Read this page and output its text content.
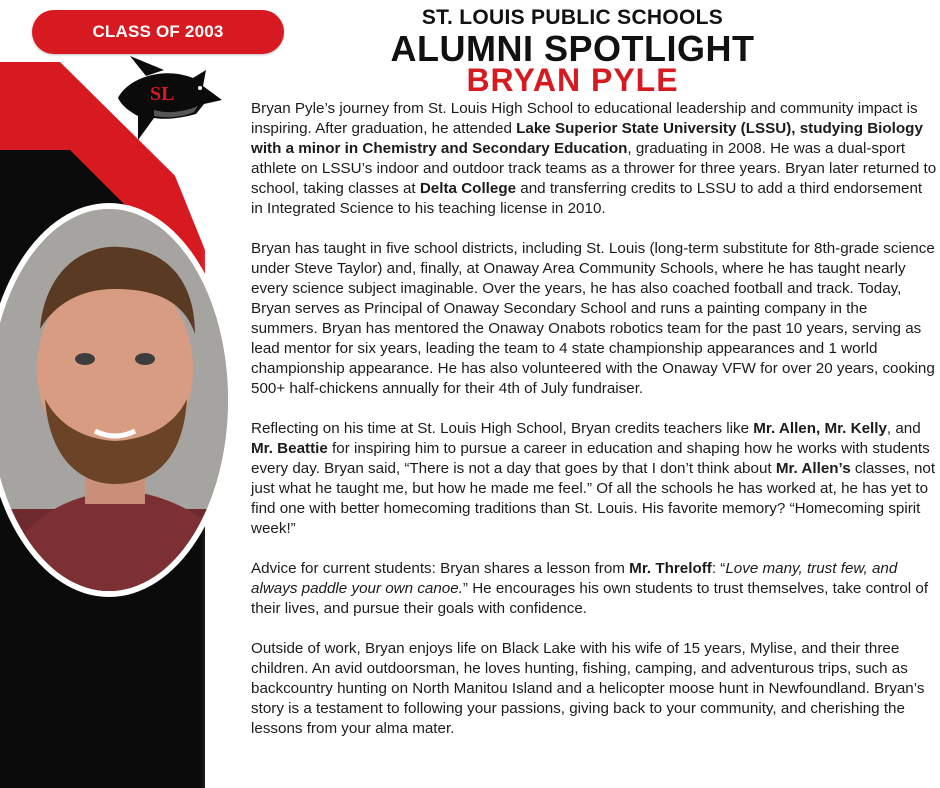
CLASS OF 2003
ST. LOUIS PUBLIC SCHOOLS
ALUMNI SPOTLIGHT
BRYAN PYLE
SL

Bryan Pyle’s journey from St. Louis High School to educational leadership and community impact is inspiring. After graduation, he attended Lake Superior State University (LSSU), studying Biology with a minor in Chemistry and Secondary Education, graduating in 2008. He was a dual-sport athlete on LSSU’s indoor and outdoor track teams as a thrower for three years. Bryan later returned to school, taking classes at Delta College and transferring credits to LSSU to add a third endorsement in Integrated Science to his teaching license in 2010.

Bryan has taught in five school districts, including St. Louis (long-term substitute for 8th-grade science under Steve Taylor) and, finally, at Onaway Area Community Schools, where he has taught nearly every science subject imaginable. Over the years, he has also coached football and track. Today, Bryan serves as Principal of Onaway Secondary School and runs a painting company in the summers. Bryan has mentored the Onaway Onabots robotics team for the past 10 years, serving as lead mentor for six years, leading the team to 4 state championship appearances and 1 world championship appearance. He has also volunteered with the Onaway VFW for over 20 years, cooking 500+ half-chickens annually for their 4th of July fundraiser.

Reflecting on his time at St. Louis High School, Bryan credits teachers like Mr. Allen, Mr. Kelly, and Mr. Beattie for inspiring him to pursue a career in education and shaping how he works with students every day. Bryan said, “There is not a day that goes by that I don’t think about Mr. Allen’s classes, not just what he taught me, but how he made me feel.” Of all the schools he has worked at, he has yet to find one with better homecoming traditions than St. Louis. His favorite memory? “Homecoming spirit week!”

Advice for current students: Bryan shares a lesson from Mr. Threloff: “Love many, trust few, and always paddle your own canoe.” He encourages his own students to trust themselves, take control of their lives, and pursue their goals with confidence.

Outside of work, Bryan enjoys life on Black Lake with his wife of 15 years, Mylise, and their three children. An avid outdoorsman, he loves hunting, fishing, camping, and adventurous trips, such as backcountry hunting on North Manitou Island and a helicopter moose hunt in Newfoundland. Bryan’s story is a testament to following your passions, giving back to your community, and cherishing the lessons from your alma mater.
